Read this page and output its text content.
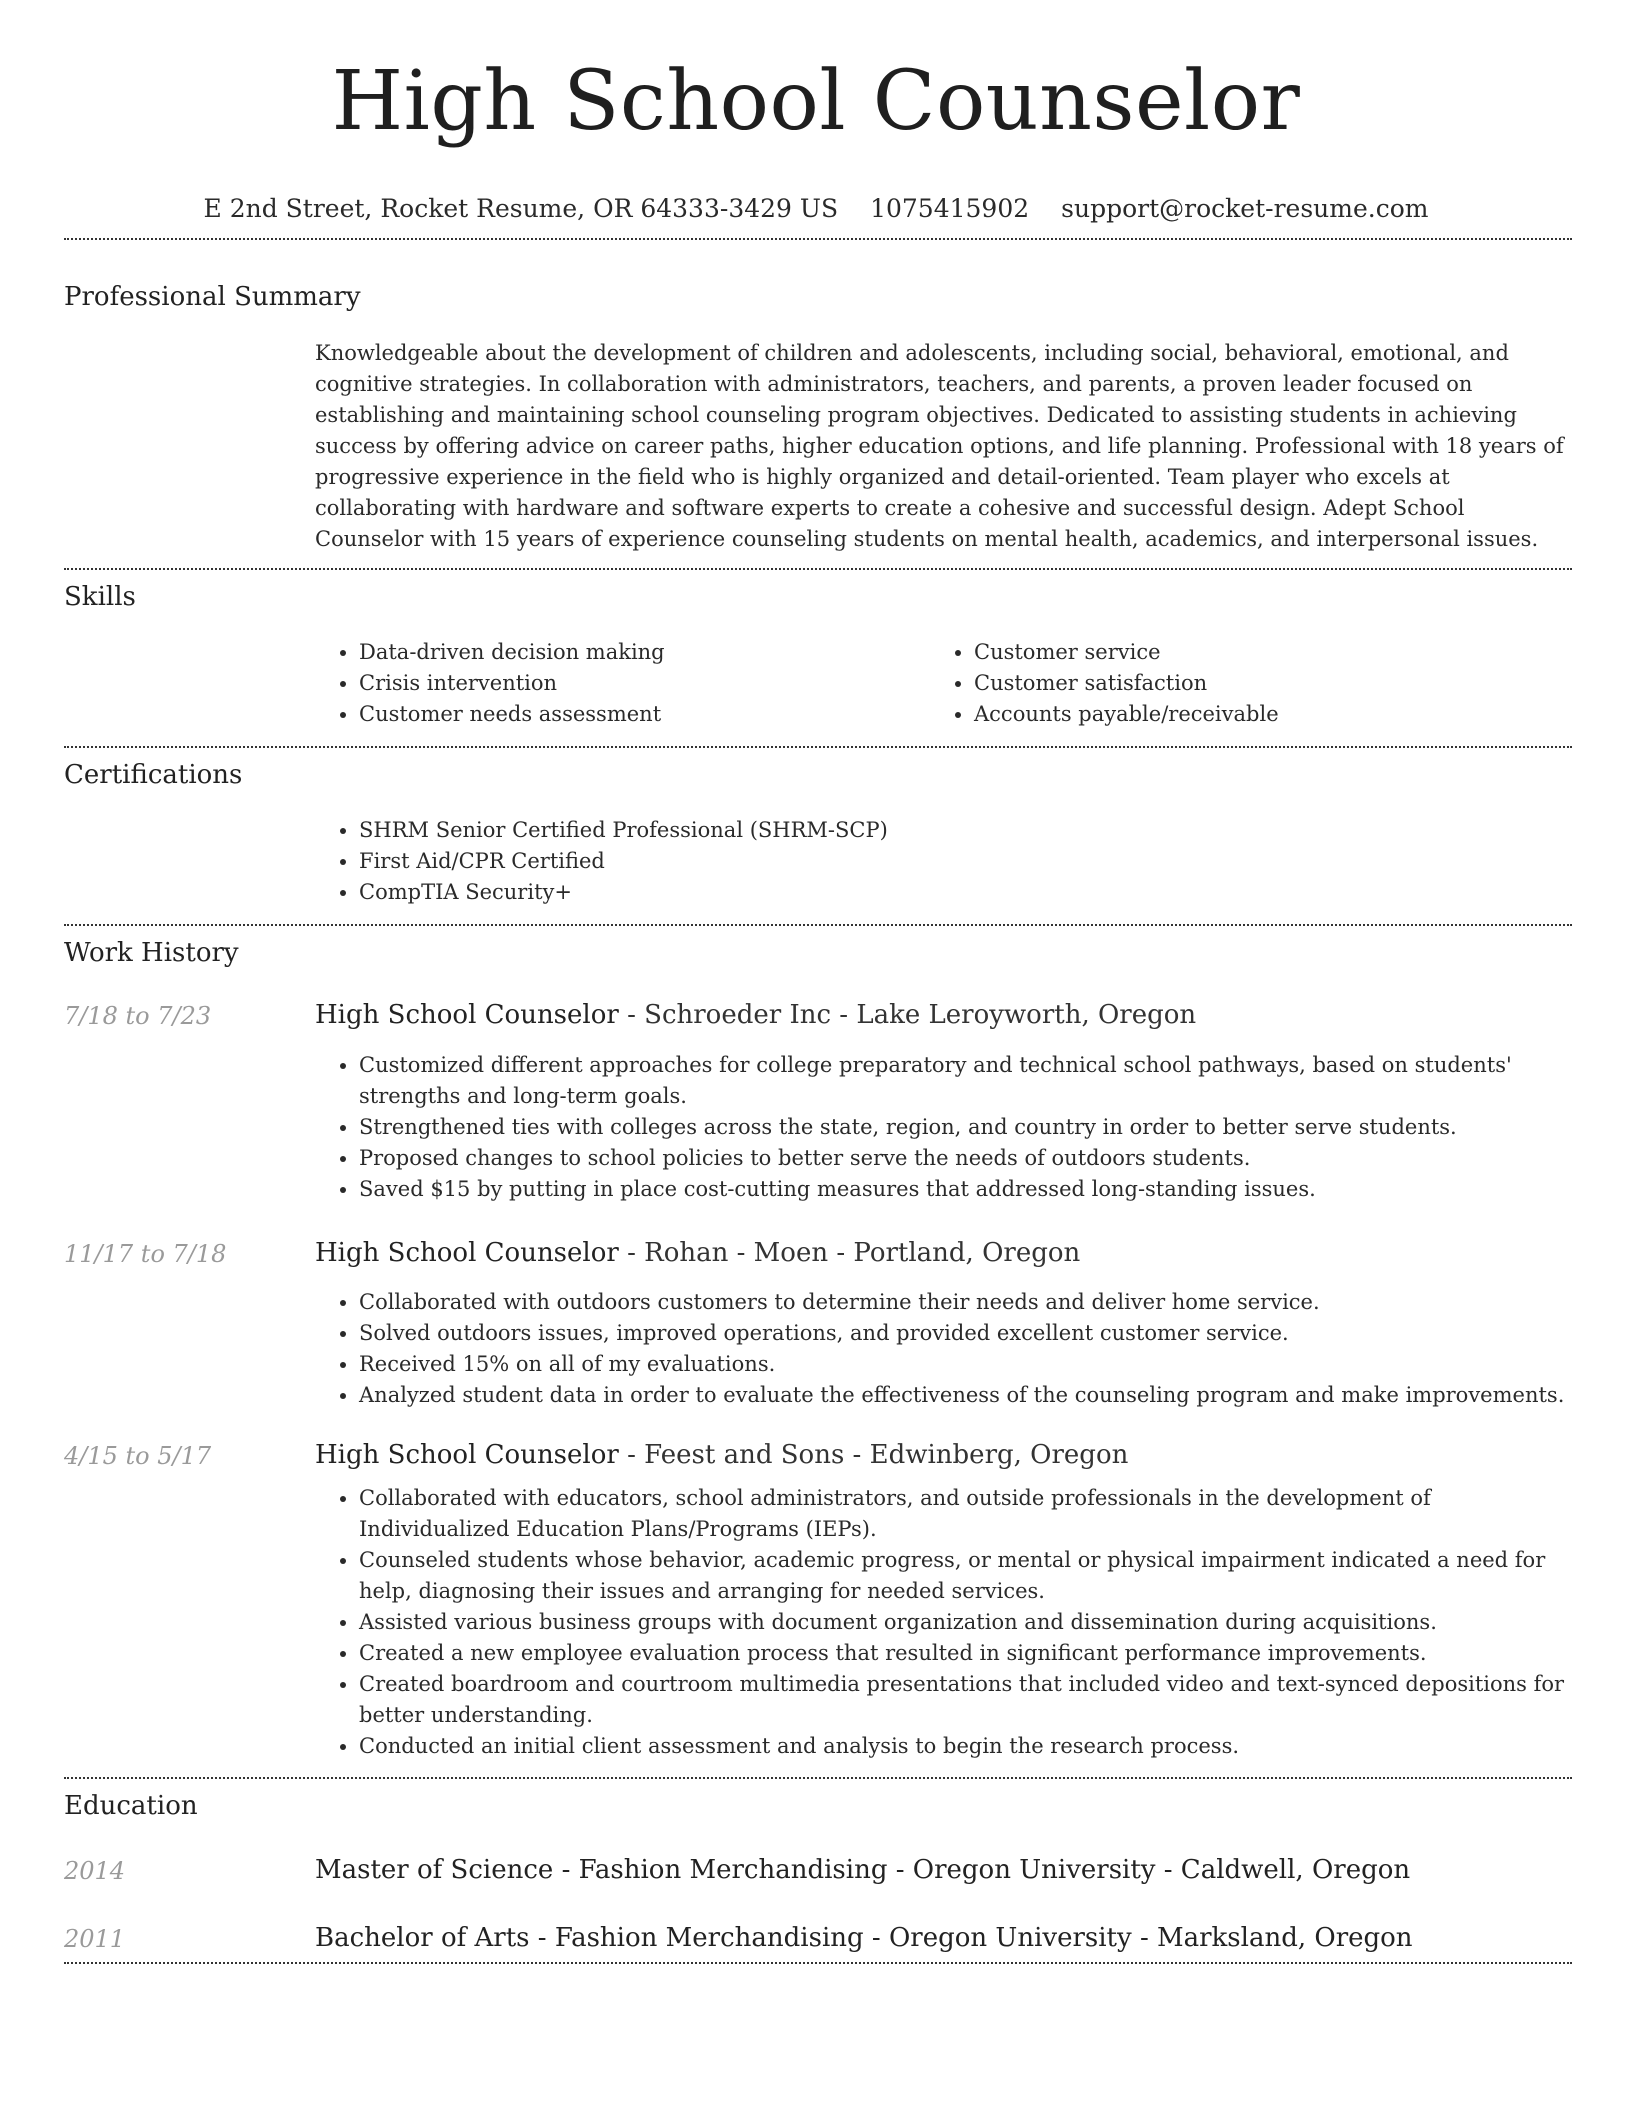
High School Counselor
E 2nd Street, Rocket Resume, OR 64333-3429 US 1075415902 support@rocket-resume.com
Professional Summary

Knowledgeable about the development of children and adolescents, including social, behavioral, emotional, and cognitive strategies. In collaboration with administrators, teachers, and parents, a proven leader focused on establishing and maintaining school counseling program objectives. Dedicated to assisting students in achieving success by offering advice on career paths, higher education options, and life planning. Professional with 18 years of progressive experience in the field who is highly organized and detail-oriented. Team player who excels at collaborating with hardware and software experts to create a cohesive and successful design. Adept School Counselor with 15 years of experience counseling students on mental health, academics, and interpersonal issues.

Skills
• Data-driven decision making
• Crisis intervention
• Customer needs assessment
• Customer service
• Customer satisfaction
• Accounts payable/receivable
Certifications
• SHRM Senior Certified Professional (SHRM-SCP)
• First Aid/CPR Certified
• CompTIA Security+
Work History
7/18 to 7/23	High School Counselor - Schroeder Inc - Lake Leroyworth, Oregon
• Customized different approaches for college preparatory and technical school pathways, based on students' strengths and long-term goals.
• Strengthened ties with colleges across the state, region, and country in order to better serve students.
• Proposed changes to school policies to better serve the needs of outdoors students.
• Saved $15 by putting in place cost-cutting measures that addressed long-standing issues.
11/17 to 7/18	High School Counselor - Rohan - Moen - Portland, Oregon
• Collaborated with outdoors customers to determine their needs and deliver home service.
• Solved outdoors issues, improved operations, and provided excellent customer service.
• Received 15% on all of my evaluations.
• Analyzed student data in order to evaluate the effectiveness of the counseling program and make improvements.
4/15 to 5/17	High School Counselor - Feest and Sons - Edwinberg, Oregon
• Collaborated with educators, school administrators, and outside professionals in the development of Individualized Education Plans/Programs (IEPs).
• Counseled students whose behavior, academic progress, or mental or physical impairment indicated a need for help, diagnosing their issues and arranging for needed services.
• Assisted various business groups with document organization and dissemination during acquisitions.
• Created a new employee evaluation process that resulted in significant performance improvements.
• Created boardroom and courtroom multimedia presentations that included video and text-synced depositions for better understanding.
• Conducted an initial client assessment and analysis to begin the research process.
Education
2014	Master of Science - Fashion Merchandising - Oregon University - Caldwell, Oregon
2011	Bachelor of Arts - Fashion Merchandising - Oregon University - Marksland, Oregon
